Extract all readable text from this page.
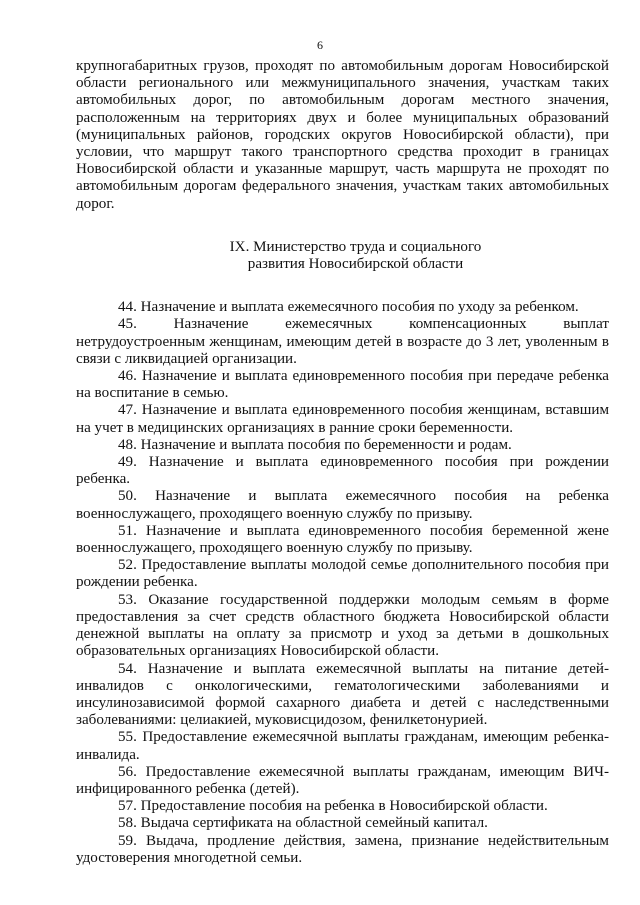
6

крупногабаритных грузов, проходят по автомобильным дорогам Новосибирской области регионального или межмуниципального значения, участкам таких автомобильных дорог, по автомобильным дорогам местного значения, расположенным на территориях двух и более муниципальных образований (муниципальных районов, городских округов Новосибирской области), при условии, что маршрут такого транспортного средства проходит в границах Новосибирской области и указанные маршрут, часть маршрута не проходят по автомобильным дорогам федерального значения, участкам таких автомобильных дорог.

IX. Министерство труда и социального
развития Новосибирской области

44. Назначение и выплата ежемесячного пособия по уходу за ребенком.

45. Назначение ежемесячных компенсационных выплат нетрудоустроенным женщинам, имеющим детей в возрасте до 3 лет, уволенным в связи с ликвидацией организации.

46. Назначение и выплата единовременного пособия при передаче ребенка на воспитание в семью.

47. Назначение и выплата единовременного пособия женщинам, вставшим на учет в медицинских организациях в ранние сроки беременности.

48. Назначение и выплата пособия по беременности и родам.

49. Назначение и выплата единовременного пособия при рождении ребенка.

50. Назначение и выплата ежемесячного пособия на ребенка военнослужащего, проходящего военную службу по призыву.

51. Назначение и выплата единовременного пособия беременной жене военнослужащего, проходящего военную службу по призыву.

52. Предоставление выплаты молодой семье дополнительного пособия при рождении ребенка.

53. Оказание государственной поддержки молодым семьям в форме предоставления за счет средств областного бюджета Новосибирской области денежной выплаты на оплату за присмотр и уход за детьми в дошкольных образовательных организациях Новосибирской области.

54. Назначение и выплата ежемесячной выплаты на питание детей-инвалидов с онкологическими, гематологическими заболеваниями и инсулинозависимой формой сахарного диабета и детей с наследственными заболеваниями: целиакией, муковисцидозом, фенилкетонурией.

55. Предоставление ежемесячной выплаты гражданам, имеющим ребенка-инвалида.

56. Предоставление ежемесячной выплаты гражданам, имеющим ВИЧ-инфицированного ребенка (детей).

57. Предоставление пособия на ребенка в Новосибирской области.

58. Выдача сертификата на областной семейный капитал.

59. Выдача, продление действия, замена, признание недействительным удостоверения многодетной семьи.
